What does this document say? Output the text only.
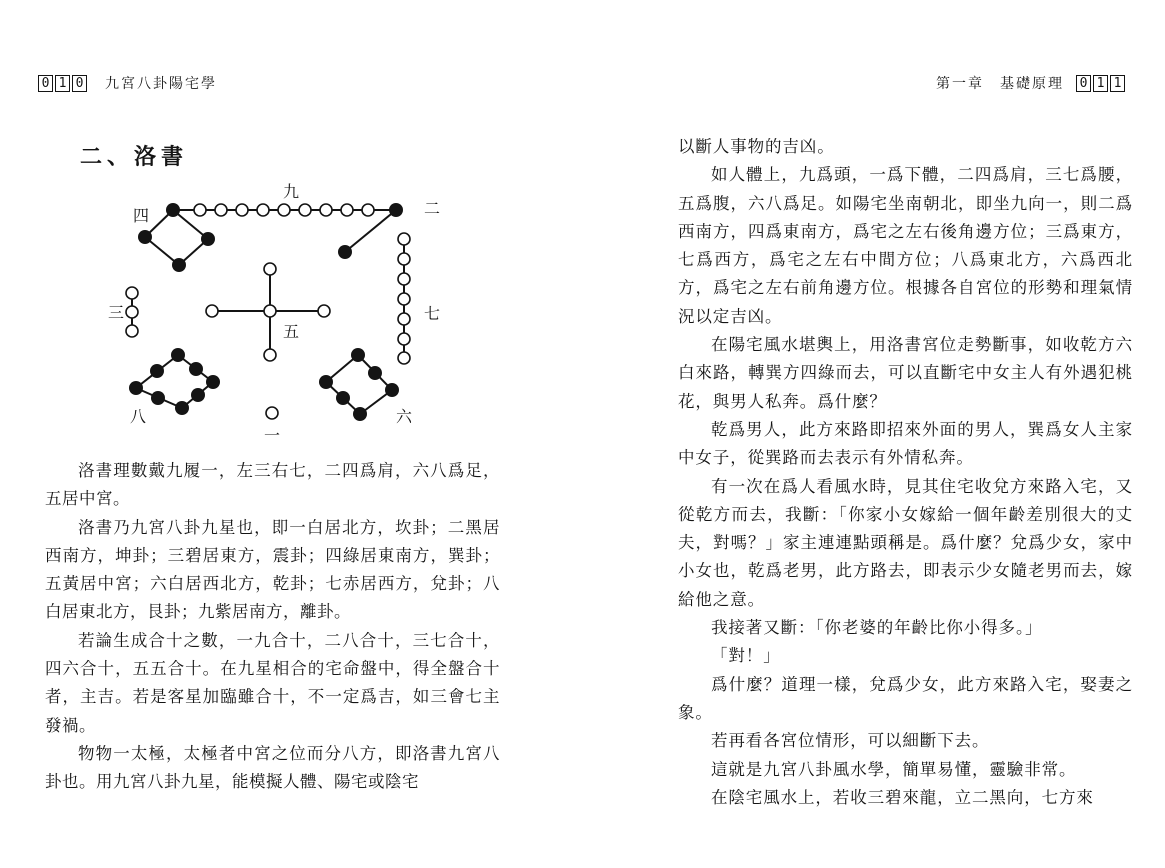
0 1 0 九宮八卦陽宅學
二、洛書
九
四	二
三
五
七
八
一
六

洛書理數戴九履一，左三右七，二四爲肩，六八爲足，五居中宮。

洛書乃九宮八卦九星也，即一白居北方，坎卦；二黑居西南方，坤卦；三碧居東方，震卦；四綠居東南方，巽卦；五黃居中宮；六白居西北方，乾卦；七赤居西方，兌卦；八白居東北方，艮卦；九紫居南方，離卦。

若論生成合十之數，一九合十，二八合十，三七合十，四六合十，五五合十。在九星相合的宅命盤中，得全盤合十者，主吉。若是客星加臨雖合十，不一定爲吉，如三會七主發禍。

物物一太極，太極者中宮之位而分八方，即洛書九宮八卦也。用九宮八卦九星，能模擬人體、陽宅或陰宅

第一章　基礎原理 0 1 1

以斷人事物的吉凶。

如人體上，九爲頭，一爲下體，二四爲肩，三七爲腰，五爲腹，六八爲足。如陽宅坐南朝北，即坐九向一，則二爲西南方，四爲東南方，爲宅之左右後角邊方位；三爲東方，七爲西方，爲宅之左右中間方位；八爲東北方，六爲西北方，爲宅之左右前角邊方位。根據各自宮位的形勢和理氣情況以定吉凶。

在陽宅風水堪輿上，用洛書宮位走勢斷事，如收乾方六白來路，轉巽方四綠而去，可以直斷宅中女主人有外遇犯桃花，與男人私奔。爲什麼？

乾爲男人，此方來路即招來外面的男人，巽爲女人主家中女子，從巽路而去表示有外情私奔。

有一次在爲人看風水時，見其住宅收兌方來路入宅，又從乾方而去，我斷：「你家小女嫁給一個年齡差別很大的丈夫，對嗎？」家主連連點頭稱是。爲什麼？兌爲少女，家中小女也，乾爲老男，此方路去，即表示少女隨老男而去，嫁給他之意。

我接著又斷：「你老婆的年齡比你小得多。」

「對！」

爲什麼？道理一樣，兌爲少女，此方來路入宅，娶妻之象。

若再看各宮位情形，可以細斷下去。

這就是九宮八卦風水學，簡單易懂，靈驗非常。

在陰宅風水上，若收三碧來龍，立二黑向，七方來
